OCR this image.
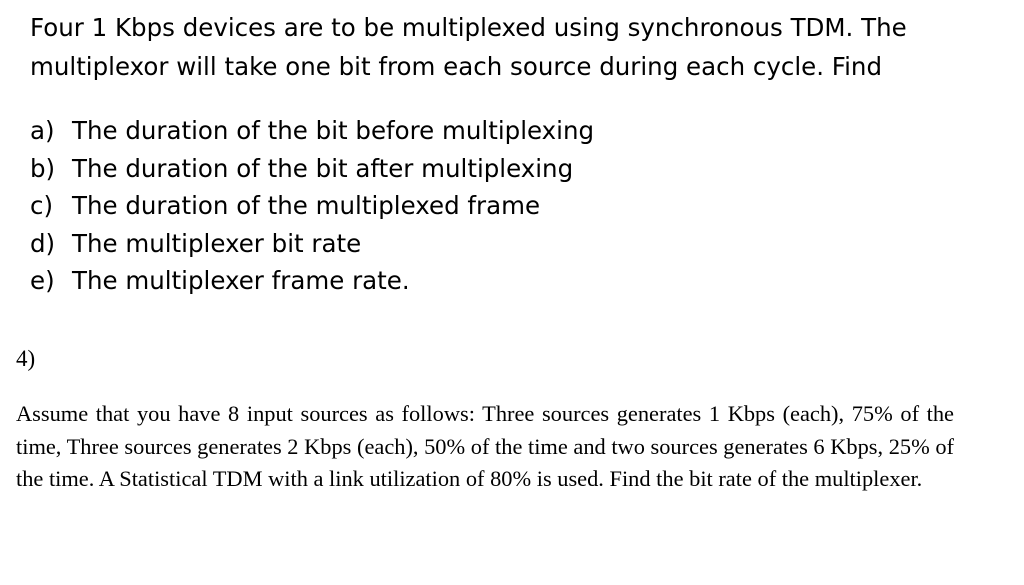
Four 1 Kbps devices are to be multiplexed using synchronous TDM. The multiplexor will take one bit from each source during each cycle. Find

a) The duration of the bit before multiplexing
b) The duration of the bit after multiplexing
c) The duration of the multiplexed frame
d) The multiplexer bit rate
e) The multiplexer frame rate.
4)
Assume that you have 8 input sources as follows: Three sources generates 1 Kbps (each), 75% of the time, Three sources generates 2 Kbps (each), 50% of the time and two sources generates 6 Kbps, 25% of the time. A Statistical TDM with a link utilization of 80% is used. Find the bit rate of the multiplexer.
